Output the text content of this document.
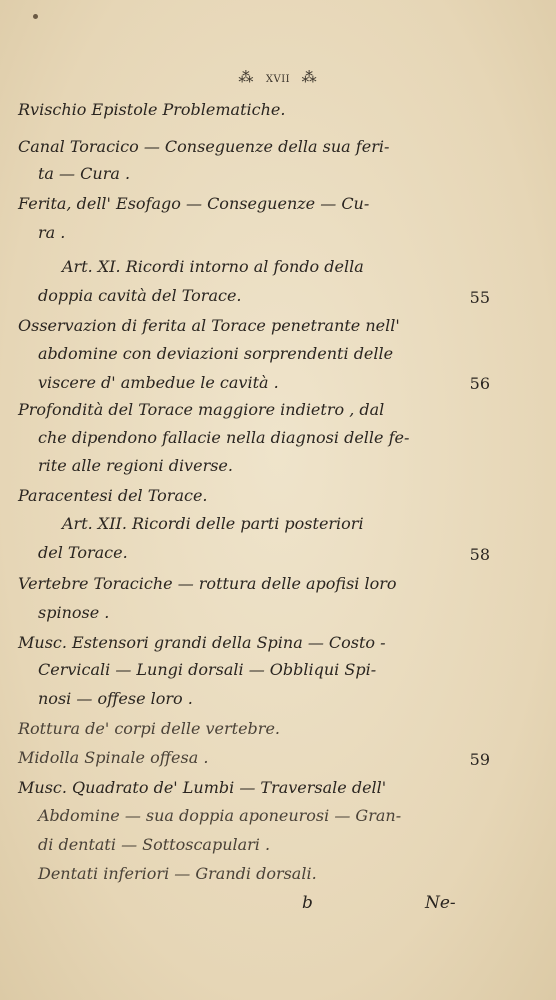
⁂ xvii ⁂
Rvischio Epistole Problematiche.
Canal Toracico — Conseguenze della sua feri-
ta — Cura .
Ferita, dell' Esofago — Conseguenze — Cu-
ra .
Art. XI. Ricordi intorno al fondo della
doppia cavità del Torace.	55
Osservazion di ferita al Torace penetrante nell'
abdomine con deviazioni sorprendenti delle
viscere d' ambedue le cavità .	56
Profondità del Torace maggiore indietro , dal
che dipendono fallacie nella diagnosi delle fe-
rite alle regioni diverse.
Paracentesi del Torace.
Art. XII. Ricordi delle parti posteriori
del Torace.	58
Vertebre Toraciche — rottura delle apofisi loro
spinose .
Musc. Estensori grandi della Spina — Costo -
Cervicali — Lungi dorsali — Obbliqui Spi-
nosi — offese loro .
Rottura de' corpi delle vertebre.
Midolla Spinale offesa .	59
Musc. Quadrato de' Lumbi — Traversale dell'
Abdomine — sua doppia aponeurosi — Gran-
di dentati — Sottoscapulari .
Dentati inferiori — Grandi dorsali.
b	Ne-
